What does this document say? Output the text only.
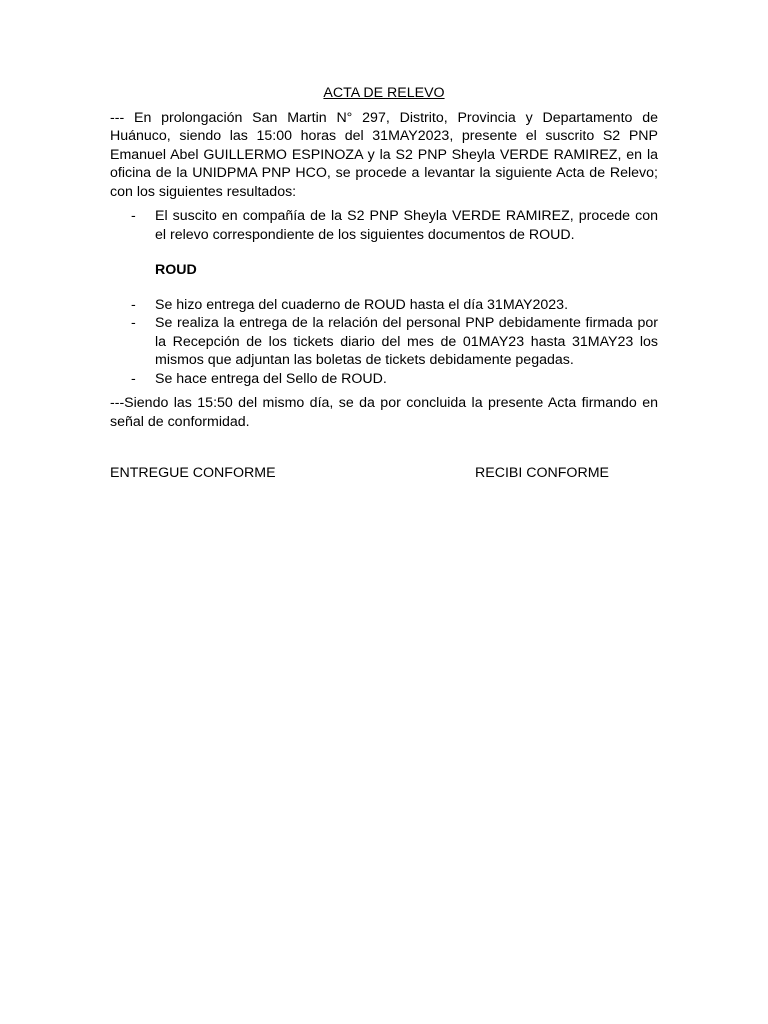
ACTA DE RELEVO

--- En prolongación San Martin N° 297, Distrito, Provincia y Departamento de Huánuco, siendo las 15:00 horas del 31MAY2023, presente el suscrito S2 PNP Emanuel Abel GUILLERMO ESPINOZA y la S2 PNP Sheyla VERDE RAMIREZ, en la oficina de la UNIDPMA PNP HCO, se procede a levantar la siguiente Acta de Relevo; con los siguientes resultados:

- El suscito en compañía de la S2 PNP Sheyla VERDE RAMIREZ, procede con el relevo correspondiente de los siguientes documentos de ROUD.
ROUD
- Se hizo entrega del cuaderno de ROUD hasta el día 31MAY2023.
- Se realiza la entrega de la relación del personal PNP debidamente firmada por la Recepción de los tickets diario del mes de 01MAY23 hasta 31MAY23 los mismos que adjuntan las boletas de tickets debidamente pegadas.
- Se hace entrega del Sello de ROUD.

---Siendo las 15:50 del mismo día, se da por concluida la presente Acta firmando en señal de conformidad.

ENTREGUE CONFORME	RECIBI CONFORME
